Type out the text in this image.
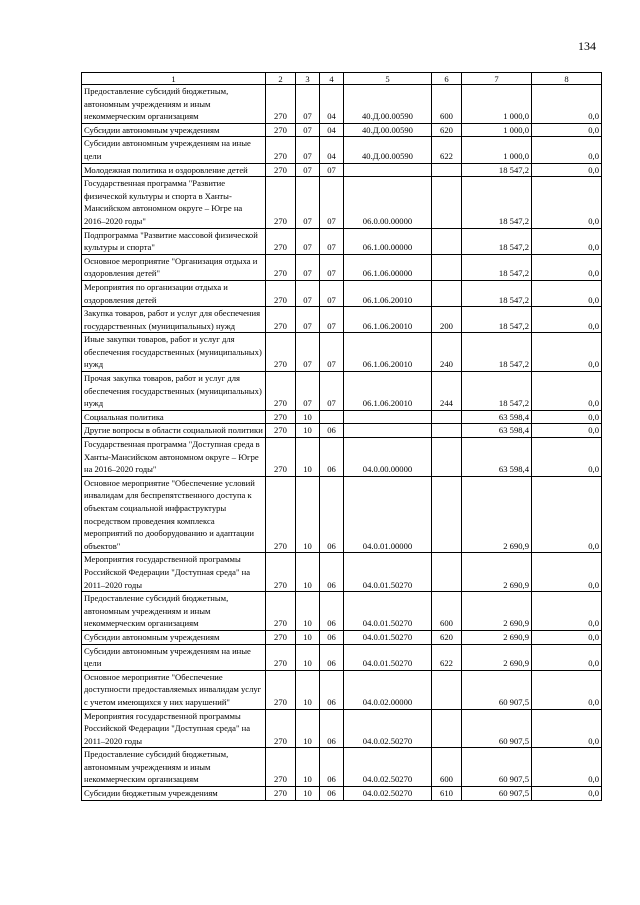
134
1	2	3	4	5	6	7	8
Предоставление субсидий бюджетным, автономным учреждениям и иным некоммерческим организациям	270	07	04	40.Д.00.00590	600	1 000,0	0,0
Субсидии автономным учреждениям	270	07	04	40.Д.00.00590	620	1 000,0	0,0
Субсидии автономным учреждениям на иные цели	270	07	04	40.Д.00.00590	622	1 000,0	0,0
Молодежная политика и оздоровление детей	270	07	07			18 547,2	0,0
Государственная программа "Развитие физической культуры и спорта в Ханты-Мансийском автономном округе – Югре на 2016–2020 годы"	270	07	07	06.0.00.00000		18 547,2	0,0
Подпрограмма "Развитие массовой физической культуры и спорта"	270	07	07	06.1.00.00000		18 547,2	0,0
Основное мероприятие "Организация отдыха и оздоровления детей"	270	07	07	06.1.06.00000		18 547,2	0,0
Мероприятия по организации отдыха и оздоровления детей	270	07	07	06.1.06.20010		18 547,2	0,0
Закупка товаров, работ и услуг для обеспечения государственных (муниципальных) нужд	270	07	07	06.1.06.20010	200	18 547,2	0,0
Иные закупки товаров, работ и услуг для обеспечения государственных (муниципальных) нужд	270	07	07	06.1.06.20010	240	18 547,2	0,0
Прочая закупка товаров, работ и услуг для обеспечения государственных (муниципальных) нужд	270	07	07	06.1.06.20010	244	18 547,2	0,0
Социальная политика	270	10				63 598,4	0,0
Другие вопросы в области социальной политики	270	10	06			63 598,4	0,0
Государственная программа "Доступная среда в Ханты-Мансийском автономном округе – Югре на 2016–2020 годы"	270	10	06	04.0.00.00000		63 598,4	0,0
Основное мероприятие "Обеспечение условий инвалидам для беспрепятственного доступа к объектам социальной инфраструктуры посредством проведения комплекса мероприятий по дооборудованию и адаптации объектов"	270	10	06	04.0.01.00000		2 690,9	0,0
Мероприятия государственной программы Российской Федерации "Доступная среда" на 2011–2020 годы	270	10	06	04.0.01.50270		2 690,9	0,0
Предоставление субсидий бюджетным, автономным учреждениям и иным некоммерческим организациям	270	10	06	04.0.01.50270	600	2 690,9	0,0
Субсидии автономным учреждениям	270	10	06	04.0.01.50270	620	2 690,9	0,0
Субсидии автономным учреждениям на иные цели	270	10	06	04.0.01.50270	622	2 690,9	0,0
Основное мероприятие "Обеспечение доступности предоставляемых инвалидам услуг с учетом имеющихся у них нарушений"	270	10	06	04.0.02.00000		60 907,5	0,0
Мероприятия государственной программы Российской Федерации "Доступная среда" на 2011–2020 годы	270	10	06	04.0.02.50270		60 907,5	0,0
Предоставление субсидий бюджетным, автономным учреждениям и иным некоммерческим организациям	270	10	06	04.0.02.50270	600	60 907,5	0,0
Субсидии бюджетным учреждениям	270	10	06	04.0.02.50270	610	60 907,5	0,0
